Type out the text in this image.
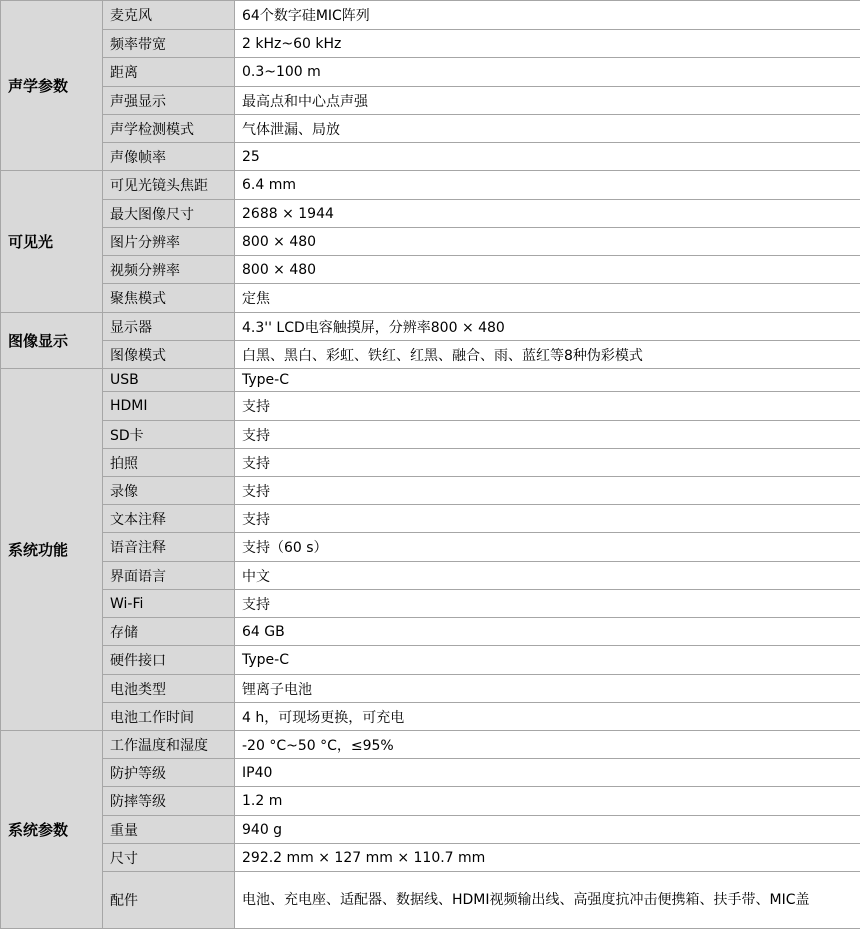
声学参数	麦克风	64个数字硅MIC阵列
	频率带宽	2 kHz~60 kHz
	距离	0.3~100 m
	声强显示	最高点和中心点声强
	声学检测模式	气体泄漏、局放
	声像帧率	25
可见光	可见光镜头焦距	6.4 mm
	最大图像尺寸	2688 × 1944
	图片分辨率	800 × 480
	视频分辨率	800 × 480
	聚焦模式	定焦
图像显示	显示器	4.3'' LCD电容触摸屏，分辨率800 × 480
	图像模式	白黑、黑白、彩虹、铁红、红黑、融合、雨、蓝红等8种伪彩模式
系统功能	USB	Type-C
	HDMI	支持
	SD卡	支持
	拍照	支持
	录像	支持
	文本注释	支持
	语音注释	支持（60 s）
	界面语言	中文
	Wi-Fi	支持
	存储	64 GB
	硬件接口	Type-C
	电池类型	锂离子电池
	电池工作时间	4 h，可现场更换，可充电
系统参数	工作温度和湿度	-20 °C~50 °C，≤95%
	防护等级	IP40
	防摔等级	1.2 m
	重量	940 g
	尺寸	292.2 mm × 127 mm × 110.7 mm
	配件	电池、充电座、适配器、数据线、HDMI视频输出线、高强度抗冲击便携箱、扶手带、MIC盖
